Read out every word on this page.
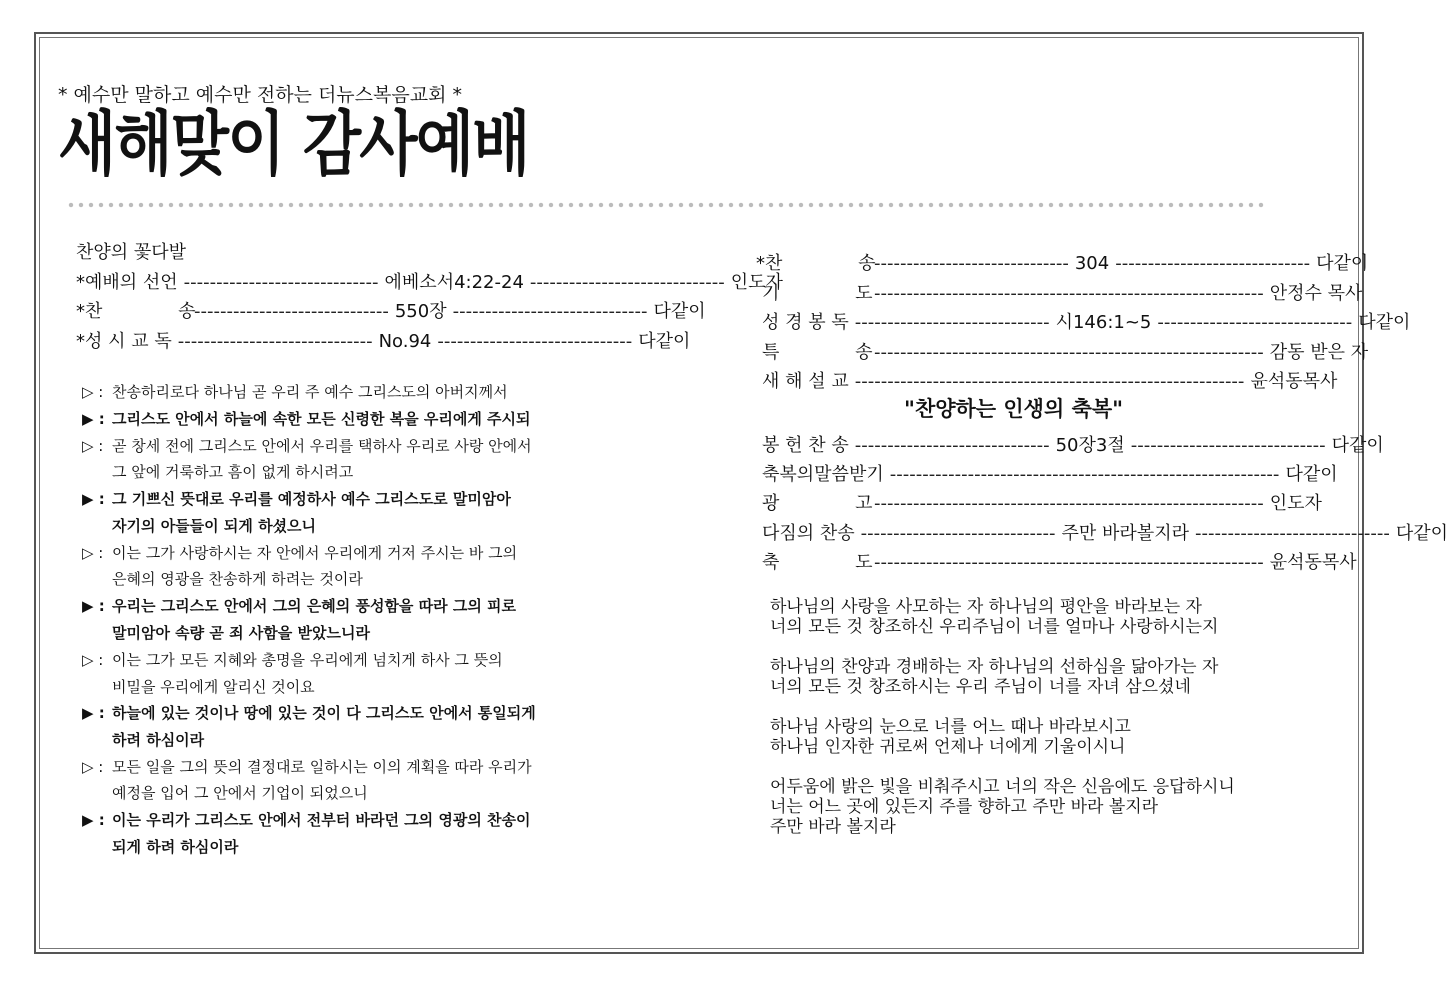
* 예수만 말하고 예수만 전하는 더뉴스복음교회 *
새해맞이 감사예배
찬양의 꽃다발
*예배의 선언 ------------------------------ 에베소서4:22-24 ------------------------------ 인도자
*찬 송
------------------------------ 550장 ------------------------------ 다같이
*성 시 교 독 ------------------------------ No.94 ------------------------------ 다같이
▷ : 찬송하리로다 하나님 곧 우리 주 예수 그리스도의 아버지께서
▶ : 그리스도 안에서 하늘에 속한 모든 신령한 복을 우리에게 주시되
▷ : 곧 창세 전에 그리스도 안에서 우리를 택하사 우리로 사랑 안에서
그 앞에 거룩하고 흠이 없게 하시려고
▶ : 그 기쁘신 뜻대로 우리를 예정하사 예수 그리스도로 말미암아
자기의 아들들이 되게 하셨으니
▷ : 이는 그가 사랑하시는 자 안에서 우리에게 거저 주시는 바 그의
은혜의 영광을 찬송하게 하려는 것이라
▶ : 우리는 그리스도 안에서 그의 은혜의 풍성함을 따라 그의 피로
말미암아 속량 곧 죄 사함을 받았느니라
▷ : 이는 그가 모든 지혜와 총명을 우리에게 넘치게 하사 그 뜻의
비밀을 우리에게 알리신 것이요
▶ : 하늘에 있는 것이나 땅에 있는 것이 다 그리스도 안에서 통일되게
하려 하심이라
▷ : 모든 일을 그의 뜻의 결정대로 일하시는 이의 계획을 따라 우리가
예정을 입어 그 안에서 기업이 되었으니
▶ : 이는 우리가 그리스도 안에서 전부터 바라던 그의 영광의 찬송이
되게 하려 하심이라
*찬 송
------------------------------ 304 ------------------------------ 다같이
기 도 ------------------------------------------------------------ 안정수 목사
성 경 봉 독 ------------------------------ 시146:1~5 ------------------------------ 다같이
특 송 ------------------------------------------------------------ 감동 받은 자
새 해 설 교 ------------------------------------------------------------ 윤석동목사
"찬양하는 인생의 축복"
봉 헌 찬 송 ------------------------------ 50장3절 ------------------------------ 다같이
축복의말씀받기 ------------------------------------------------------------ 다같이
광 고 ------------------------------------------------------------ 인도자
다짐의 찬송 ------------------------------ 주만 바라볼지라 ------------------------------ 다같이
축 도 ------------------------------------------------------------ 윤석동목사
하나님의 사랑을 사모하는 자 하나님의 평안을 바라보는 자
너의 모든 것 창조하신 우리주님이 너를 얼마나 사랑하시는지
하나님의 찬양과 경배하는 자 하나님의 선하심을 닮아가는 자
너의 모든 것 창조하시는 우리 주님이 너를 자녀 삼으셨네
하나님 사랑의 눈으로 너를 어느 때나 바라보시고
하나님 인자한 귀로써 언제나 너에게 기울이시니
어두움에 밝은 빛을 비춰주시고 너의 작은 신음에도 응답하시니
너는 어느 곳에 있든지 주를 향하고 주만 바라 볼지라
주만 바라 볼지라
